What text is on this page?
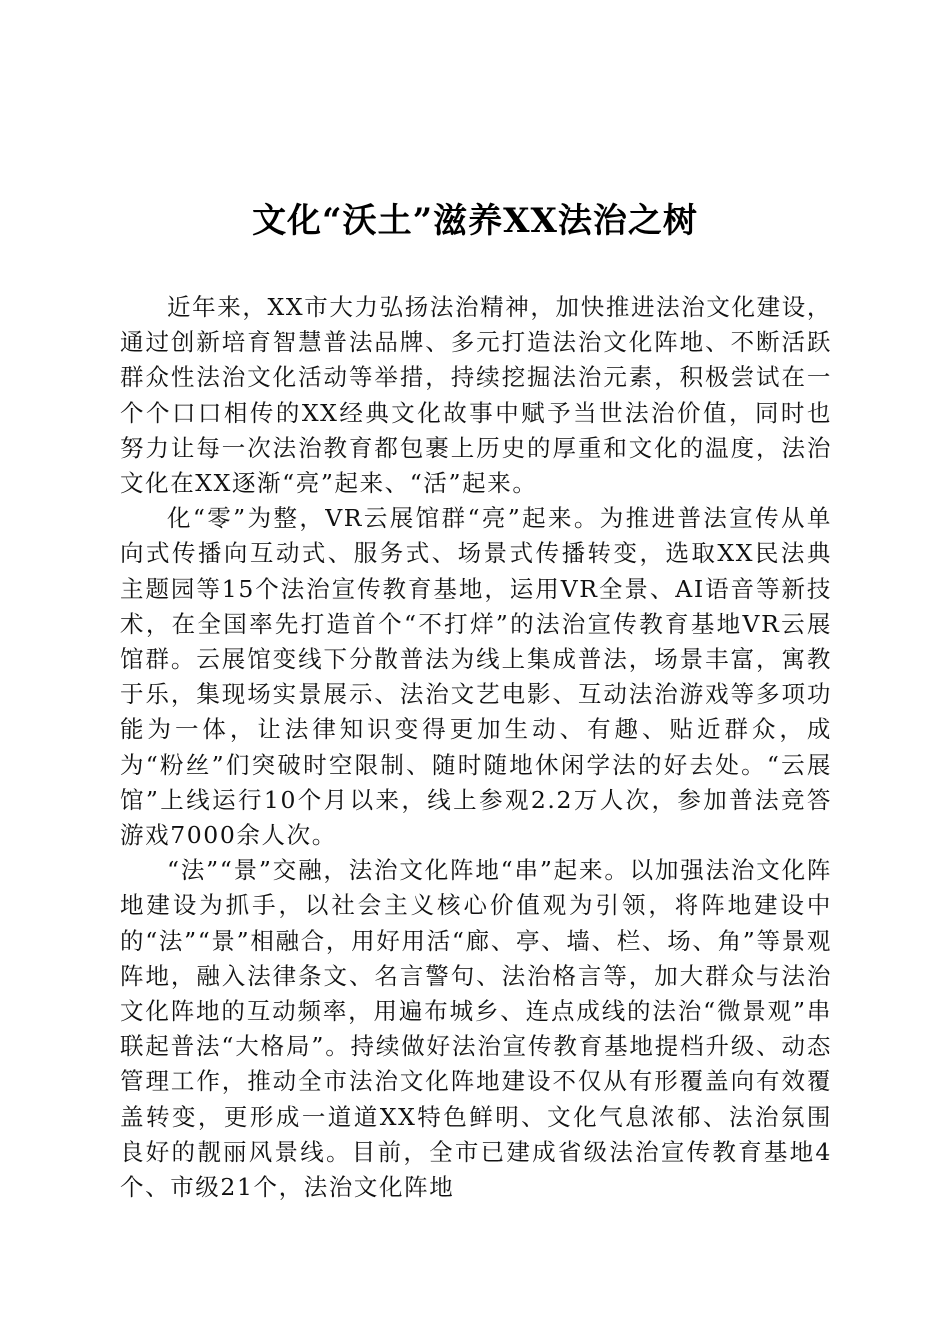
文化“沃土”滋养XX法治之树

近年来，XX市大力弘扬法治精神，加快推进法治文化建设，通过创新培育智慧普法品牌、多元打造法治文化阵地、不断活跃群众性法治文化活动等举措，持续挖掘法治元素，积极尝试在一个个口口相传的XX经典文化故事中赋予当世法治价值，同时也努力让每一次法治教育都包裹上历史的厚重和文化的温度，法治文化在XX逐渐“亮”起来、“活”起来。

化“零”为整，VR云展馆群“亮”起来。为推进普法宣传从单向式传播向互动式、服务式、场景式传播转变，选取XX民法典主题园等15个法治宣传教育基地，运用VR全景、AI语音等新技术，在全国率先打造首个“不打烊”的法治宣传教育基地VR云展馆群。云展馆变线下分散普法为线上集成普法，场景丰富，寓教于乐，集现场实景展示、法治文艺电影、互动法治游戏等多项功能为一体，让法律知识变得更加生动、有趣、贴近群众，成为“粉丝”们突破时空限制、随时随地休闲学法的好去处。“云展馆”上线运行10个月以来，线上参观2.2万人次，参加普法竞答游戏7000余人次。

“法”“景”交融，法治文化阵地“串”起来。以加强法治文化阵地建设为抓手，以社会主义核心价值观为引领，将阵地建设中的“法”“景”相融合，用好用活“廊、亭、墙、栏、场、角”等景观阵地，融入法律条文、名言警句、法治格言等，加大群众与法治文化阵地的互动频率，用遍布城乡、连点成线的法治“微景观”串联起普法“大格局”。持续做好法治宣传教育基地提档升级、动态管理工作，推动全市法治文化阵地建设不仅从有形覆盖向有效覆盖转变，更形成一道道XX特色鲜明、文化气息浓郁、法治氛围良好的靓丽风景线。目前，全市已建成省级法治宣传教育基地4个、市级21个，法治文化阵地
